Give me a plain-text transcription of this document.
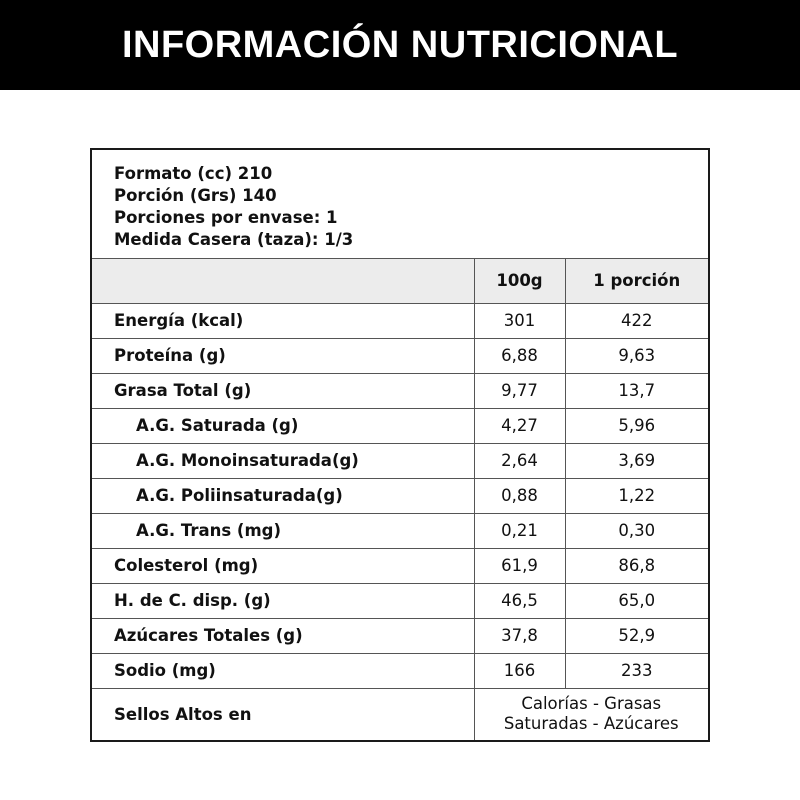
INFORMACIÓN NUTRICIONAL
Formato (cc) 210
Porción (Grs) 140
Porciones por envase: 1
Medida Casera (taza): 1/3
	100g	1 porción
Energía (kcal)	301	422
Proteína (g)	6,88	9,63
Grasa Total (g)	9,77	13,7
A.G. Saturada (g)	4,27	5,96
A.G. Monoinsaturada(g)	2,64	3,69
A.G. Poliinsaturada(g)	0,88	1,22
A.G. Trans (mg)	0,21	0,30
Colesterol (mg)	61,9	86,8
H. de C. disp. (g)	46,5	65,0
Azúcares Totales (g)	37,8	52,9
Sodio (mg)	166	233
Sellos Altos en	Calorías - Grasas Saturadas - Azúcares	
